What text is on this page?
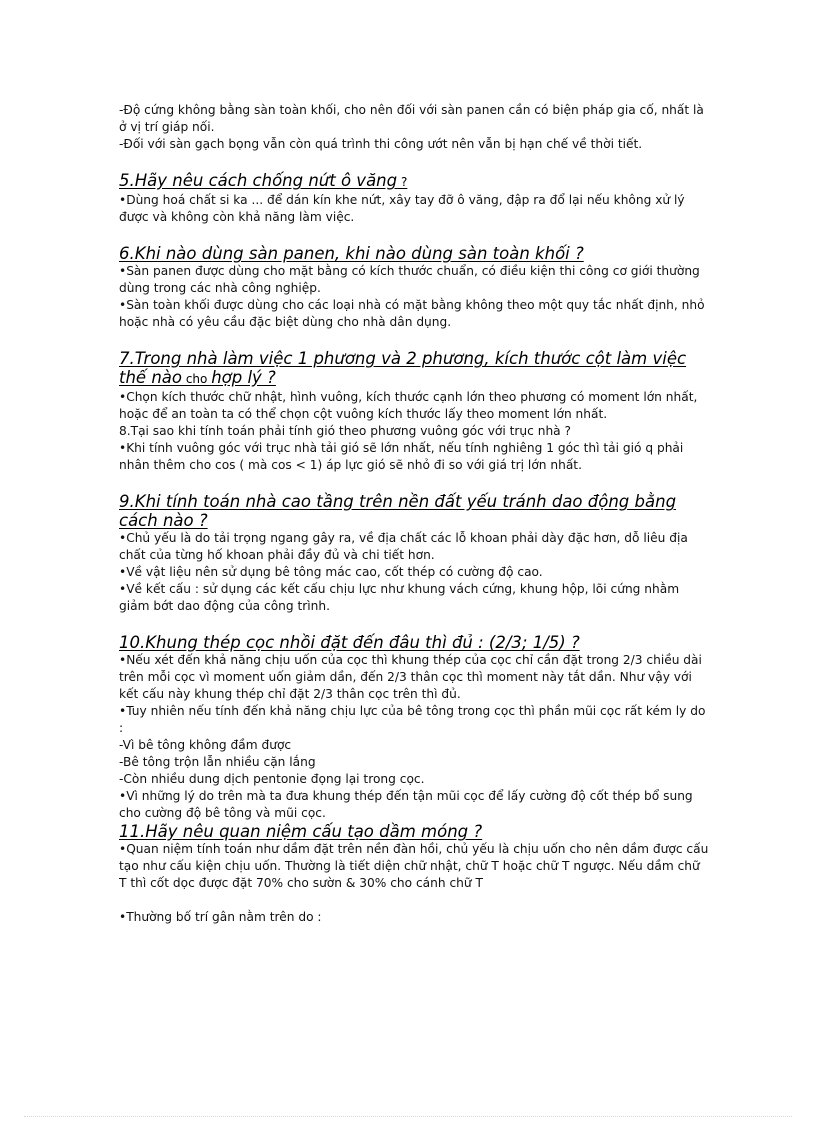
-Độ cứng không bằng sàn toàn khối, cho nên đối với sàn panen cần có biện pháp gia cố, nhất là ở vị trí giáp nối.

-Đối với sàn gạch bọng vẫn còn quá trình thi công ướt nên vẫn bị hạn chế về thời tiết.

5.Hãy nêu cách chống nứt ô văng ?

•Dùng hoá chất si ka ... để dán kín khe nứt, xây tay đỡ ô văng, đập ra đổ lại nếu không xử lý được và không còn khả năng làm việc.

6.Khi nào dùng sàn panen, khi nào dùng sàn toàn khối ?

•Sàn panen được dùng cho mặt bằng có kích thước chuẩn, có điều kiện thi công cơ giới thường dùng trong các nhà công nghiệp.

•Sàn toàn khối được dùng cho các loại nhà có mặt bằng không theo một quy tắc nhất định, nhỏ hoặc nhà có yêu cầu đặc biệt dùng cho nhà dân dụng.

7.Trong nhà làm việc 1 phương và 2 phương, kích thước cột làm việc thế nào cho hợp lý ?

•Chọn kích thước chữ nhật, hình vuông, kích thước cạnh lớn theo phương có moment lớn nhất, hoặc để an toàn ta có thể chọn cột vuông kích thước lấy theo moment lớn nhất.

8.Tại sao khi tính toán phải tính gió theo phương vuông góc với trục nhà ?

•Khi tính vuông góc với trục nhà tải gió sẽ lớn nhất, nếu tính nghiêng 1 góc thì tải gió q phải nhân thêm cho cos ( mà cos < 1) áp lực gió sẽ nhỏ đi so với giá trị lớn nhất.

9.Khi tính toán nhà cao tầng trên nền đất yếu tránh dao động bằng cách nào ?

•Chủ yếu là do tải trọng ngang gây ra, về địa chất các lỗ khoan phải dày đặc hơn, dỗ liêu địa chất của từng hố khoan phải đầy đủ và chi tiết hơn.

•Về vật liệu nên sử dụng bê tông mác cao, cốt thép có cường độ cao.

•Về kết cấu : sử dụng các kết cấu chịu lực như khung vách cứng, khung hộp, lõi cứng nhằm giảm bớt dao động của công trình.

10.Khung thép cọc nhồi đặt đến đâu thì đủ : (2/3; 1/5) ?

•Nếu xét đến khả năng chịu uốn của cọc thì khung thép của cọc chỉ cần đặt trong 2/3 chiều dài trên mỗi cọc vì moment uốn giảm dần, đến 2/3 thân cọc thì moment này tắt dần. Như vậy với kết cấu này khung thép chỉ đặt 2/3 thân cọc trên thì đủ.

•Tuy nhiên nếu tính đến khả năng chịu lực của bê tông trong cọc thì phần mũi cọc rất kém ly do :

-Vì bê tông không đầm được

-Bê tông trộn lẫn nhiều cặn lắng

-Còn nhiều dung dịch pentonie đọng lại trong cọc.

•Vì những lý do trên mà ta đưa khung thép đến tận mũi cọc để lấy cường độ cốt thép bổ sung cho cường độ bê tông và mũi cọc.

11.Hãy nêu quan niệm cấu tạo dầm móng ?

•Quan niệm tính toán như dầm đặt trên nền đàn hồi, chủ yếu là chịu uốn cho nên dầm được cấu tạo như cấu kiện chịu uốn. Thường là tiết diện chữ nhật, chữ T hoặc chữ T ngược. Nếu dầm chữ T thì cốt dọc được đặt 70% cho sườn & 30% cho cánh chữ T

•Thường bố trí gân nằm trên do :
